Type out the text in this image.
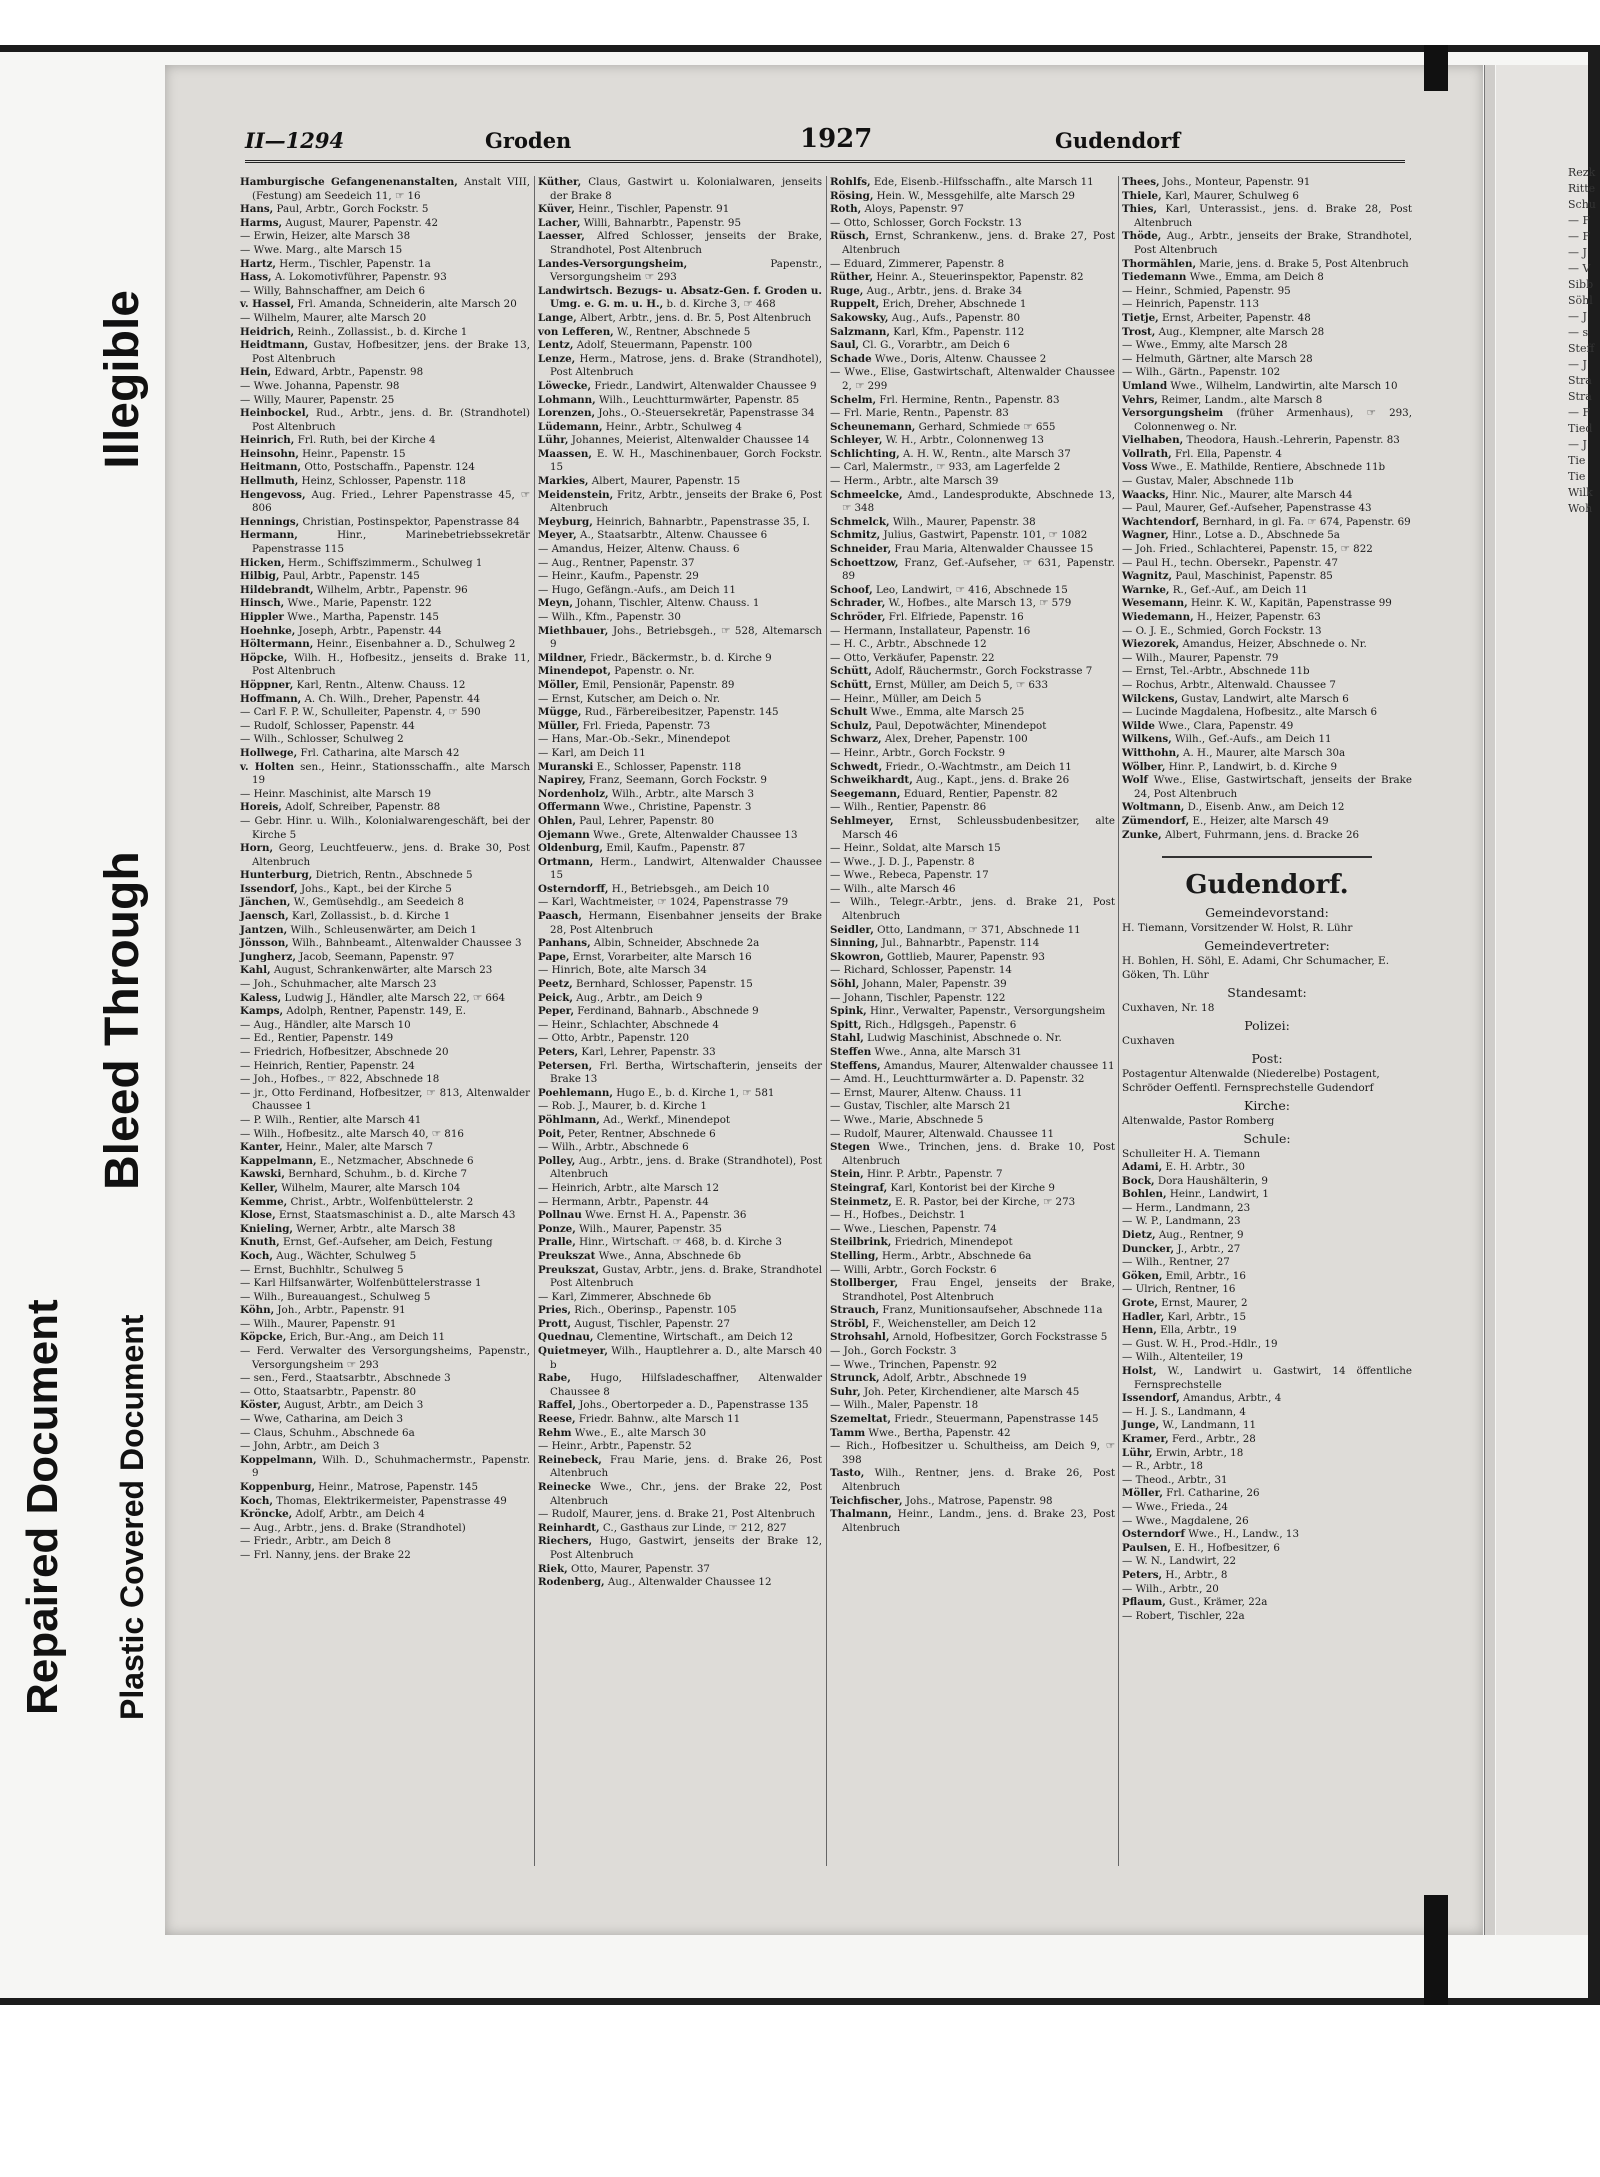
Rezk
Ritte
Schu
— F
— F
— J
— V
Sibb
Söhl
— J
— s
Steff
— J
Stra
Stra
— F
Tied
— J
Tie
Tie
Wilk
Woh
Bleed Through
Illegible
Repaired Document	Plastic Covered Document
II—1294	Groden	1927	Gudendorf

Hamburgische Gefangenenanstalten, Anstalt VIII, (Festung) am Seedeich 11, ☞ 16

Hans, Paul, Arbtr., Gorch Fockstr. 5

Harms, August, Maurer, Papenstr. 42

— Erwin, Heizer, alte Marsch 38

— Wwe. Marg., alte Marsch 15

Hartz, Herm., Tischler, Papenstr. 1a

Hass, A. Lokomotivführer, Papenstr. 93

— Willy, Bahnschaffner, am Deich 6

v. Hassel, Frl. Amanda, Schneiderin, alte Marsch 20

— Wilhelm, Maurer, alte Marsch 20

Heidrich, Reinh., Zollassist., b. d. Kirche 1

Heidtmann, Gustav, Hofbesitzer, jens. der Brake 13, Post Altenbruch

Hein, Edward, Arbtr., Papenstr. 98

— Wwe. Johanna, Papenstr. 98

— Willy, Maurer, Papenstr. 25

Heinbockel, Rud., Arbtr., jens. d. Br. (Strandhotel) Post Altenbruch

Heinrich, Frl. Ruth, bei der Kirche 4

Heinsohn, Heinr., Papenstr. 15

Heitmann, Otto, Postschaffn., Papenstr. 124

Hellmuth, Heinz, Schlosser, Papenstr. 118

Hengevoss, Aug. Fried., Lehrer Papenstrasse 45, ☞ 806

Hennings, Christian, Postinspektor, Papenstrasse 84

Hermann, Hinr., Marinebetriebssekretär Papenstrasse 115

Hicken, Herm., Schiffszimmerm., Schulweg 1

Hilbig, Paul, Arbtr., Papenstr. 145

Hildebrandt, Wilhelm, Arbtr., Papenstr. 96

Hinsch, Wwe., Marie, Papenstr. 122

Hippler Wwe., Martha, Papenstr. 145

Hoehnke, Joseph, Arbtr., Papenstr. 44

Höltermann, Heinr., Eisenbahner a. D., Schulweg 2

Höpcke, Wilh. H., Hofbesitz., jenseits d. Brake 11, Post Altenbruch

Höppner, Karl, Rentn., Altenw. Chauss. 12

Hoffmann, A. Ch. Wilh., Dreher, Papenstr. 44

— Carl F. P. W., Schulleiter, Papenstr. 4, ☞ 590

— Rudolf, Schlosser, Papenstr. 44

— Wilh., Schlosser, Schulweg 2

Hollwege, Frl. Catharina, alte Marsch 42

v. Holten sen., Heinr., Stationsschaffn., alte Marsch 19

— Heinr. Maschinist, alte Marsch 19

Horeis, Adolf, Schreiber, Papenstr. 88

— Gebr. Hinr. u. Wilh., Kolonialwarengeschäft, bei der Kirche 5

Horn, Georg, Leuchtfeuerw., jens. d. Brake 30, Post Altenbruch

Hunterburg, Dietrich, Rentn., Abschnede 5

Issendorf, Johs., Kapt., bei der Kirche 5

Jänchen, W., Gemüsehdlg., am Seedeich 8

Jaensch, Karl, Zollassist., b. d. Kirche 1

Jantzen, Wilh., Schleusenwärter, am Deich 1

Jönsson, Wilh., Bahnbeamt., Altenwalder Chaussee 3

Jungherz, Jacob, Seemann, Papenstr. 97

Kahl, August, Schrankenwärter, alte Marsch 23

— Joh., Schuhmacher, alte Marsch 23

Kaless, Ludwig J., Händler, alte Marsch 22, ☞ 664

Kamps, Adolph, Rentner, Papenstr. 149, E.

— Aug., Händler, alte Marsch 10

— Ed., Rentier, Papenstr. 149

— Friedrich, Hofbesitzer, Abschnede 20

— Heinrich, Rentier, Papenstr. 24

— Joh., Hofbes., ☞ 822, Abschnede 18

— jr., Otto Ferdinand, Hofbesitzer, ☞ 813, Altenwalder Chaussee 1

— P. Wilh., Rentier, alte Marsch 41

— Wilh., Hofbesitz., alte Marsch 40, ☞ 816

Kanter, Heinr., Maler, alte Marsch 7

Kappelmann, E., Netzmacher, Abschnede 6

Kawski, Bernhard, Schuhm., b. d. Kirche 7

Keller, Wilhelm, Maurer, alte Marsch 104

Kemme, Christ., Arbtr., Wolfenbüttelerstr. 2

Klose, Ernst, Staatsmaschinist a. D., alte Marsch 43

Knieling, Werner, Arbtr., alte Marsch 38

Knuth, Ernst, Gef.-Aufseher, am Deich, Festung

Koch, Aug., Wächter, Schulweg 5

— Ernst, Buchhltr., Schulweg 5

— Karl Hilfsanwärter, Wolfenbüttelerstrasse 1

— Wilh., Bureauangest., Schulweg 5

Köhn, Joh., Arbtr., Papenstr. 91

— Wilh., Maurer, Papenstr. 91

Köpcke, Erich, Bur.-Ang., am Deich 11

— Ferd. Verwalter des Versorgungsheims, Papenstr., Versorgungsheim ☞ 293

— sen., Ferd., Staatsarbtr., Abschnede 3

— Otto, Staatsarbtr., Papenstr. 80

Köster, August, Arbtr., am Deich 3

— Wwe, Catharina, am Deich 3

— Claus, Schuhm., Abschnede 6a

— John, Arbtr., am Deich 3

Koppelmann, Wilh. D., Schuhmachermstr., Papenstr. 9

Koppenburg, Heinr., Matrose, Papenstr. 145

Koch, Thomas, Elektrikermeister, Papenstrasse 49

Kröncke, Adolf, Arbtr., am Deich 4

— Aug., Arbtr., jens. d. Brake (Strandhotel)

— Friedr., Arbtr., am Deich 8

— Frl. Nanny, jens. der Brake 22

Küther, Claus, Gastwirt u. Kolonialwaren, jenseits der Brake 8

Küver, Heinr., Tischler, Papenstr. 91

Lacher, Willi, Bahnarbtr., Papenstr. 95

Laesser, Alfred Schlosser, jenseits der Brake, Strandhotel, Post Altenbruch

Landes-Versorgungsheim, Papenstr., Versorgungsheim ☞ 293

Landwirtsch. Bezugs- u. Absatz-Gen. f. Groden u. Umg. e. G. m. u. H., b. d. Kirche 3, ☞ 468

Lange, Albert, Arbtr., jens. d. Br. 5, Post Altenbruch

von Lefferen, W., Rentner, Abschnede 5

Lentz, Adolf, Steuermann, Papenstr. 100

Lenze, Herm., Matrose, jens. d. Brake (Strandhotel), Post Altenbruch

Löwecke, Friedr., Landwirt, Altenwalder Chaussee 9

Lohmann, Wilh., Leuchtturmwärter, Papenstr. 85

Lorenzen, Johs., O.-Steuersekretär, Papenstrasse 34

Lüdemann, Heinr., Arbtr., Schulweg 4

Lühr, Johannes, Meierist, Altenwalder Chaussee 14

Maassen, E. W. H., Maschinenbauer, Gorch Fockstr. 15

Markies, Albert, Maurer, Papenstr. 15

Meidenstein, Fritz, Arbtr., jenseits der Brake 6, Post Altenbruch

Meyburg, Heinrich, Bahnarbtr., Papenstrasse 35, I.

Meyer, A., Staatsarbtr., Altenw. Chaussee 6

— Amandus, Heizer, Altenw. Chauss. 6

— Aug., Rentner, Papenstr. 37

— Heinr., Kaufm., Papenstr. 29

— Hugo, Gefängn.-Aufs., am Deich 11

Meyn, Johann, Tischler, Altenw. Chauss. 1

— Wilh., Kfm., Papenstr. 30

Miethbauer, Johs., Betriebsgeh., ☞ 528, Altemarsch 9

Mildner, Friedr., Bäckermstr., b. d. Kirche 9

Minendepot, Papenstr. o. Nr.

Möller, Emil, Pensionär, Papenstr. 89

— Ernst, Kutscher, am Deich o. Nr.

Mügge, Rud., Färbereibesitzer, Papenstr. 145

Müller, Frl. Frieda, Papenstr. 73

— Hans, Mar.-Ob.-Sekr., Minendepot

— Karl, am Deich 11

Muranski E., Schlosser, Papenstr. 118

Napirey, Franz, Seemann, Gorch Fockstr. 9

Nordenholz, Wilh., Arbtr., alte Marsch 3

Offermann Wwe., Christine, Papenstr. 3

Ohlen, Paul, Lehrer, Papenstr. 80

Ojemann Wwe., Grete, Altenwalder Chaussee 13

Oldenburg, Emil, Kaufm., Papenstr. 87

Ortmann, Herm., Landwirt, Altenwalder Chaussee 15

Osterndorff, H., Betriebsgeh., am Deich 10

— Karl, Wachtmeister, ☞ 1024, Papenstrasse 79

Paasch, Hermann, Eisenbahner jenseits der Brake 28, Post Altenbruch

Panhans, Albin, Schneider, Abschnede 2a

Pape, Ernst, Vorarbeiter, alte Marsch 16

— Hinrich, Bote, alte Marsch 34

Peetz, Bernhard, Schlosser, Papenstr. 15

Peick, Aug., Arbtr., am Deich 9

Peper, Ferdinand, Bahnarb., Abschnede 9

— Heinr., Schlachter, Abschnede 4

— Otto, Arbtr., Papenstr. 120

Peters, Karl, Lehrer, Papenstr. 33

Petersen, Frl. Bertha, Wirtschafterin, jenseits der Brake 13

Poehlemann, Hugo E., b. d. Kirche 1, ☞ 581

— Rob. J., Maurer, b. d. Kirche 1

Pöhlmann, Ad., Werkf., Minendepot

Poit, Peter, Rentner, Abschnede 6

— Wilh., Arbtr., Abschnede 6

Polley, Aug., Arbtr., jens. d. Brake (Strandhotel), Post Altenbruch

— Heinrich, Arbtr., alte Marsch 12

— Hermann, Arbtr., Papenstr. 44

Pollnau Wwe. Ernst H. A., Papenstr. 36

Ponze, Wilh., Maurer, Papenstr. 35

Pralle, Hinr., Wirtschaft. ☞ 468, b. d. Kirche 3

Preukszat Wwe., Anna, Abschnede 6b

Preukszat, Gustav, Arbtr., jens. d. Brake, Strandhotel Post Altenbruch

— Karl, Zimmerer, Abschnede 6b

Pries, Rich., Oberinsp., Papenstr. 105

Prott, August, Tischler, Papenstr. 27

Quednau, Clementine, Wirtschaft., am Deich 12

Quietmeyer, Wilh., Hauptlehrer a. D., alte Marsch 40 b

Rabe, Hugo, Hilfsladeschaffner, Altenwalder Chaussee 8

Raffel, Johs., Obertorpeder a. D., Papenstrasse 135

Reese, Friedr. Bahnw., alte Marsch 11

Rehm Wwe., E., alte Marsch 30

— Heinr., Arbtr., Papenstr. 52

Reinebeck, Frau Marie, jens. d. Brake 26, Post Altenbruch

Reinecke Wwe., Chr., jens. der Brake 22, Post Altenbruch

— Rudolf, Maurer, jens. d. Brake 21, Post Altenbruch

Reinhardt, C., Gasthaus zur Linde, ☞ 212, 827

Riechers, Hugo, Gastwirt, jenseits der Brake 12, Post Altenbruch

Riek, Otto, Maurer, Papenstr. 37

Rodenberg, Aug., Altenwalder Chaussee 12

Rohlfs, Ede, Eisenb.-Hilfsschaffn., alte Marsch 11

Rösing, Hein. W., Messgehilfe, alte Marsch 29

Roth, Aloys, Papenstr. 97

— Otto, Schlosser, Gorch Fockstr. 13

Rüsch, Ernst, Schrankenw., jens. d. Brake 27, Post Altenbruch

— Eduard, Zimmerer, Papenstr. 8

Rüther, Heinr. A., Steuerinspektor, Papenstr. 82

Ruge, Aug., Arbtr., jens. d. Brake 34

Ruppelt, Erich, Dreher, Abschnede 1

Sakowsky, Aug., Aufs., Papenstr. 80

Salzmann, Karl, Kfm., Papenstr. 112

Saul, Cl. G., Vorarbtr., am Deich 6

Schade Wwe., Doris, Altenw. Chaussee 2

— Wwe., Elise, Gastwirtschaft, Altenwalder Chaussee 2, ☞ 299

Schelm, Frl. Hermine, Rentn., Papenstr. 83

— Frl. Marie, Rentn., Papenstr. 83

Scheunemann, Gerhard, Schmiede ☞ 655

Schleyer, W. H., Arbtr., Colonnenweg 13

Schlichting, A. H. W., Rentn., alte Marsch 37

— Carl, Malermstr., ☞ 933, am Lagerfelde 2

— Herm., Arbtr., alte Marsch 39

Schmeelcke, Amd., Landesprodukte, Abschnede 13, ☞ 348

Schmelck, Wilh., Maurer, Papenstr. 38

Schmitz, Julius, Gastwirt, Papenstr. 101, ☞ 1082

Schneider, Frau Maria, Altenwalder Chaussee 15

Schoettzow, Franz, Gef.-Aufseher, ☞ 631, Papenstr. 89

Schoof, Leo, Landwirt, ☞ 416, Abschnede 15

Schrader, W., Hofbes., alte Marsch 13, ☞ 579

Schröder, Frl. Elfriede, Papenstr. 16

— Hermann, Installateur, Papenstr. 16

— H. C., Arbtr., Abschnede 12

— Otto, Verkäufer, Papenstr. 22

Schütt, Adolf, Räuchermstr., Gorch Fockstrasse 7

Schütt, Ernst, Müller, am Deich 5, ☞ 633

— Heinr., Müller, am Deich 5

Schult Wwe., Emma, alte Marsch 25

Schulz, Paul, Depotwächter, Minendepot

Schwarz, Alex, Dreher, Papenstr. 100

— Heinr., Arbtr., Gorch Fockstr. 9

Schwedt, Friedr., O.-Wachtmstr., am Deich 11

Schweikhardt, Aug., Kapt., jens. d. Brake 26

Seegemann, Eduard, Rentier, Papenstr. 82

— Wilh., Rentier, Papenstr. 86

Sehlmeyer, Ernst, Schleussbudenbesitzer, alte Marsch 46

— Heinr., Soldat, alte Marsch 15

— Wwe., J. D. J., Papenstr. 8

— Wwe., Rebeca, Papenstr. 17

— Wilh., alte Marsch 46

— Wilh., Telegr.-Arbtr., jens. d. Brake 21, Post Altenbruch

Seidler, Otto, Landmann, ☞ 371, Abschnede 11

Sinning, Jul., Bahnarbtr., Papenstr. 114

Skowron, Gottlieb, Maurer, Papenstr. 93

— Richard, Schlosser, Papenstr. 14

Söhl, Johann, Maler, Papenstr. 39

— Johann, Tischler, Papenstr. 122

Spink, Hinr., Verwalter, Papenstr., Versorgungsheim

Spitt, Rich., Hdlgsgeh., Papenstr. 6

Stahl, Ludwig Maschinist, Abschnede o. Nr.

Steffen Wwe., Anna, alte Marsch 31

Steffens, Amandus, Maurer, Altenwalder chaussee 11

— Amd. H., Leuchtturmwärter a. D. Papenstr. 32

— Ernst, Maurer, Altenw. Chauss. 11

— Gustav, Tischler, alte Marsch 21

— Wwe., Marie, Abschnede 5

— Rudolf, Maurer, Altenwald. Chaussee 11

Stegen Wwe., Trinchen, jens. d. Brake 10, Post Altenbruch

Stein, Hinr. P. Arbtr., Papenstr. 7

Steingraf, Karl, Kontorist bei der Kirche 9

Steinmetz, E. R. Pastor, bei der Kirche, ☞ 273

— H., Hofbes., Deichstr. 1

— Wwe., Lieschen, Papenstr. 74

Steilbrink, Friedrich, Minendepot

Stelling, Herm., Arbtr., Abschnede 6a

— Willi, Arbtr., Gorch Fockstr. 6

Stollberger, Frau Engel, jenseits der Brake, Strandhotel, Post Altenbruch

Strauch, Franz, Munitionsaufseher, Abschnede 11a

Ströbl, F., Weichensteller, am Deich 12

Strohsahl, Arnold, Hofbesitzer, Gorch Fockstrasse 5

— Joh., Gorch Fockstr. 3

— Wwe., Trinchen, Papenstr. 92

Strunck, Adolf, Arbtr., Abschnede 19

Suhr, Joh. Peter, Kirchendiener, alte Marsch 45

— Wilh., Maler, Papenstr. 18

Szemeltat, Friedr., Steuermann, Papenstrasse 145

Tamm Wwe., Bertha, Papenstr. 42

— Rich., Hofbesitzer u. Schultheiss, am Deich 9, ☞ 398

Tasto, Wilh., Rentner, jens. d. Brake 26, Post Altenbruch

Teichfischer, Johs., Matrose, Papenstr. 98

Thalmann, Heinr., Landm., jens. d. Brake 23, Post Altenbruch

Thees, Johs., Monteur, Papenstr. 91

Thiele, Karl, Maurer, Schulweg 6

Thies, Karl, Unterassist., jens. d. Brake 28, Post Altenbruch

Thöde, Aug., Arbtr., jenseits der Brake, Strandhotel, Post Altenbruch

Thormählen, Marie, jens. d. Brake 5, Post Altenbruch

Tiedemann Wwe., Emma, am Deich 8

— Heinr., Schmied, Papenstr. 95

— Heinrich, Papenstr. 113

Tietje, Ernst, Arbeiter, Papenstr. 48

Trost, Aug., Klempner, alte Marsch 28

— Wwe., Emmy, alte Marsch 28

— Helmuth, Gärtner, alte Marsch 28

— Wilh., Gärtn., Papenstr. 102

Umland Wwe., Wilhelm, Landwirtin, alte Marsch 10

Vehrs, Reimer, Landm., alte Marsch 8

Versorgungsheim (früher Armenhaus), ☞ 293, Colonnenweg o. Nr.

Vielhaben, Theodora, Haush.-Lehrerin, Papenstr. 83

Vollrath, Frl. Ella, Papenstr. 4

Voss Wwe., E. Mathilde, Rentiere, Abschnede 11b

— Gustav, Maler, Abschnede 11b

Waacks, Hinr. Nic., Maurer, alte Marsch 44

— Paul, Maurer, Gef.-Aufseher, Papenstrasse 43

Wachtendorf, Bernhard, in gl. Fa. ☞ 674, Papenstr. 69

Wagner, Hinr., Lotse a. D., Abschnede 5a

— Joh. Fried., Schlachterei, Papenstr. 15, ☞ 822

— Paul H., techn. Obersekr., Papenstr. 47

Wagnitz, Paul, Maschinist, Papenstr. 85

Warnke, R., Gef.-Auf., am Deich 11

Wesemann, Heinr. K. W., Kapitän, Papenstrasse 99

Wiedemann, H., Heizer, Papenstr. 63

— O. J. E., Schmied, Gorch Fockstr. 13

Wiezorek, Amandus, Heizer, Abschnede o. Nr.

— Wilh., Maurer, Papenstr. 79

— Ernst, Tel.-Arbtr., Abschnede 11b

— Rochus, Arbtr., Altenwald. Chaussee 7

Wilckens, Gustav, Landwirt, alte Marsch 6

— Lucinde Magdalena, Hofbesitz., alte Marsch 6

Wilde Wwe., Clara, Papenstr. 49

Wilkens, Wilh., Gef.-Aufs., am Deich 11

Witthohn, A. H., Maurer, alte Marsch 30a

Wölber, Hinr. P., Landwirt, b. d. Kirche 9

Wolf Wwe., Elise, Gastwirtschaft, jenseits der Brake 24, Post Altenbruch

Woltmann, D., Eisenb. Anw., am Deich 12

Zümendorf, E., Heizer, alte Marsch 49

Zunke, Albert, Fuhrmann, jens. d. Bracke 26

Gudendorf.
Gemeindevorstand:

H. Tiemann, Vorsitzender W. Holst, R. Lühr

Gemeindevertreter:

H. Bohlen, H. Söhl, E. Adami, Chr Schumacher, E. Göken, Th. Lühr

Standesamt:

Cuxhaven, Nr. 18

Polizei:

Cuxhaven

Post:

Postagentur Altenwalde (Niederelbe) Postagent, Schröder Oeffentl. Fernsprechstelle Gudendorf

Kirche:

Altenwalde, Pastor Romberg

Schule:

Schulleiter H. A. Tiemann

Adami, E. H. Arbtr., 30

Bock, Dora Haushälterin, 9

Bohlen, Heinr., Landwirt, 1

— Herm., Landmann, 23

— W. P., Landmann, 23

Dietz, Aug., Rentner, 9

Duncker, J., Arbtr., 27

— Wilh., Rentner, 27

Göken, Emil, Arbtr., 16

— Ulrich, Rentner, 16

Grote, Ernst, Maurer, 2

Hadler, Karl, Arbtr., 15

Henn, Ella, Arbtr., 19

— Gust. W. H., Prod.-Hdlr., 19

— Wilh., Altenteiler, 19

Holst, W., Landwirt u. Gastwirt, 14 öffentliche Fernsprechstelle

Issendorf, Amandus, Arbtr., 4

— H. J. S., Landmann, 4

Junge, W., Landmann, 11

Kramer, Ferd., Arbtr., 28

Lühr, Erwin, Arbtr., 18

— R., Arbtr., 18

— Theod., Arbtr., 31

Möller, Frl. Catharine, 26

— Wwe., Frieda., 24

— Wwe., Magdalene, 26

Osterndorf Wwe., H., Landw., 13

Paulsen, E. H., Hofbesitzer, 6

— W. N., Landwirt, 22

Peters, H., Arbtr., 8

— Wilh., Arbtr., 20

Pflaum, Gust., Krämer, 22a

— Robert, Tischler, 22a
